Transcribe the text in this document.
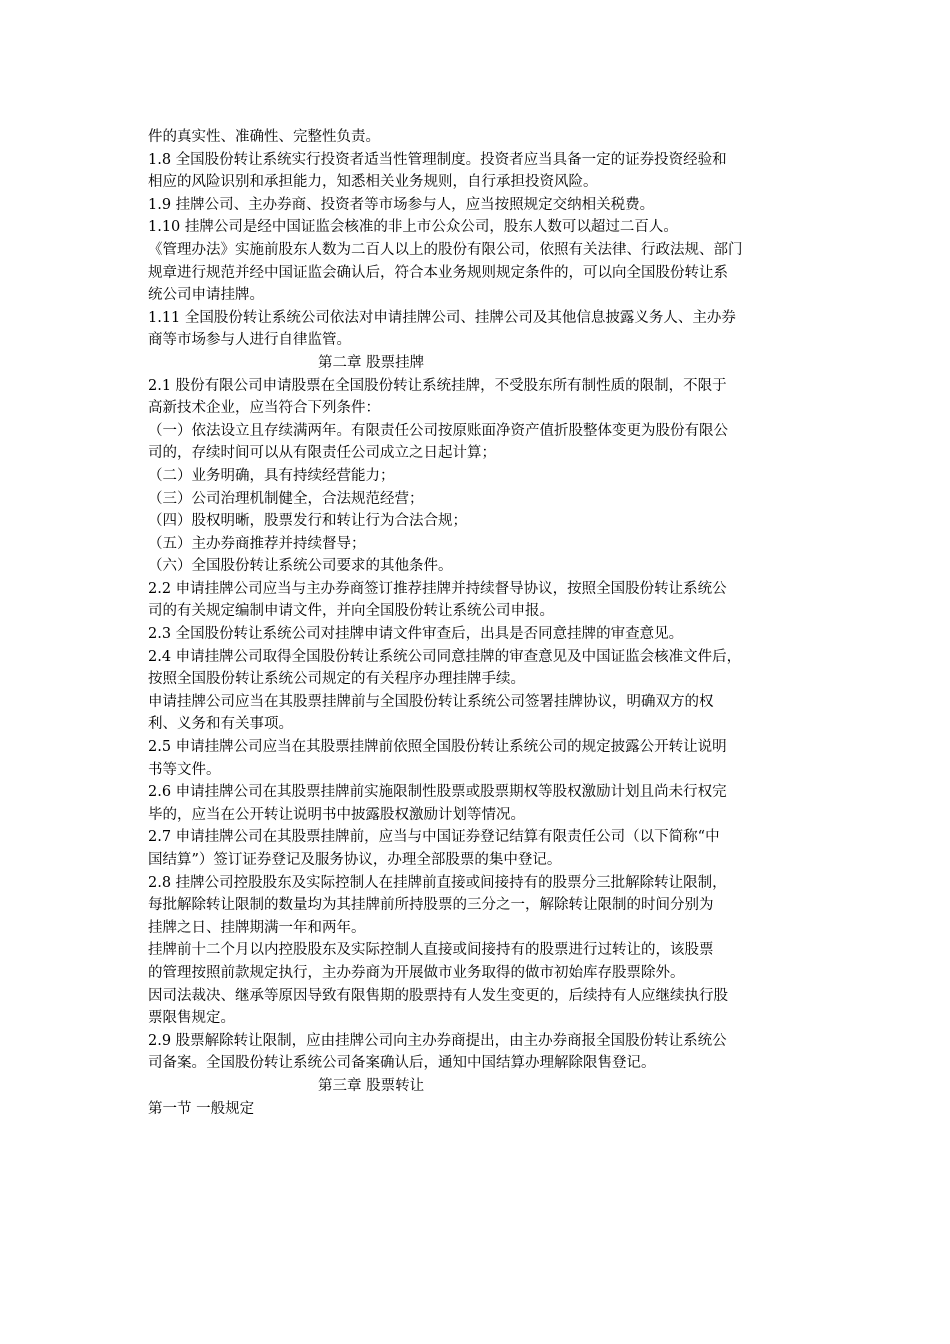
件的真实性、准确性、完整性负责。
1.8 全国股份转让系统实行投资者适当性管理制度。投资者应当具备一定的证券投资经验和
相应的风险识别和承担能力，知悉相关业务规则，自行承担投资风险。
1.9 挂牌公司、主办券商、投资者等市场参与人，应当按照规定交纳相关税费。
1.10 挂牌公司是经中国证监会核准的非上市公众公司，股东人数可以超过二百人。
《管理办法》实施前股东人数为二百人以上的股份有限公司，依照有关法律、行政法规、部门
规章进行规范并经中国证监会确认后，符合本业务规则规定条件的，可以向全国股份转让系
统公司申请挂牌。
1.11 全国股份转让系统公司依法对申请挂牌公司、挂牌公司及其他信息披露义务人、主办券
商等市场参与人进行自律监管。
第二章 股票挂牌
2.1 股份有限公司申请股票在全国股份转让系统挂牌，不受股东所有制性质的限制，不限于
高新技术企业，应当符合下列条件：
（一）依法设立且存续满两年。有限责任公司按原账面净资产值折股整体变更为股份有限公
司的，存续时间可以从有限责任公司成立之日起计算；
（二）业务明确，具有持续经营能力；
（三）公司治理机制健全，合法规范经营；
（四）股权明晰，股票发行和转让行为合法合规；
（五）主办券商推荐并持续督导；
（六）全国股份转让系统公司要求的其他条件。
2.2 申请挂牌公司应当与主办券商签订推荐挂牌并持续督导协议，按照全国股份转让系统公
司的有关规定编制申请文件，并向全国股份转让系统公司申报。
2.3 全国股份转让系统公司对挂牌申请文件审查后，出具是否同意挂牌的审查意见。
2.4 申请挂牌公司取得全国股份转让系统公司同意挂牌的审查意见及中国证监会核准文件后，
按照全国股份转让系统公司规定的有关程序办理挂牌手续。
申请挂牌公司应当在其股票挂牌前与全国股份转让系统公司签署挂牌协议，明确双方的权
利、义务和有关事项。
2.5 申请挂牌公司应当在其股票挂牌前依照全国股份转让系统公司的规定披露公开转让说明
书等文件。
2.6 申请挂牌公司在其股票挂牌前实施限制性股票或股票期权等股权激励计划且尚未行权完
毕的，应当在公开转让说明书中披露股权激励计划等情况。
2.7 申请挂牌公司在其股票挂牌前，应当与中国证券登记结算有限责任公司（以下简称“中
国结算”）签订证券登记及服务协议，办理全部股票的集中登记。
2.8 挂牌公司控股股东及实际控制人在挂牌前直接或间接持有的股票分三批解除转让限制，
每批解除转让限制的数量均为其挂牌前所持股票的三分之一，解除转让限制的时间分别为
挂牌之日、挂牌期满一年和两年。
挂牌前十二个月以内控股股东及实际控制人直接或间接持有的股票进行过转让的，该股票
的管理按照前款规定执行，主办券商为开展做市业务取得的做市初始库存股票除外。
因司法裁决、继承等原因导致有限售期的股票持有人发生变更的，后续持有人应继续执行股
票限售规定。
2.9 股票解除转让限制，应由挂牌公司向主办券商提出，由主办券商报全国股份转让系统公
司备案。全国股份转让系统公司备案确认后，通知中国结算办理解除限售登记。
第三章 股票转让
第一节 一般规定
